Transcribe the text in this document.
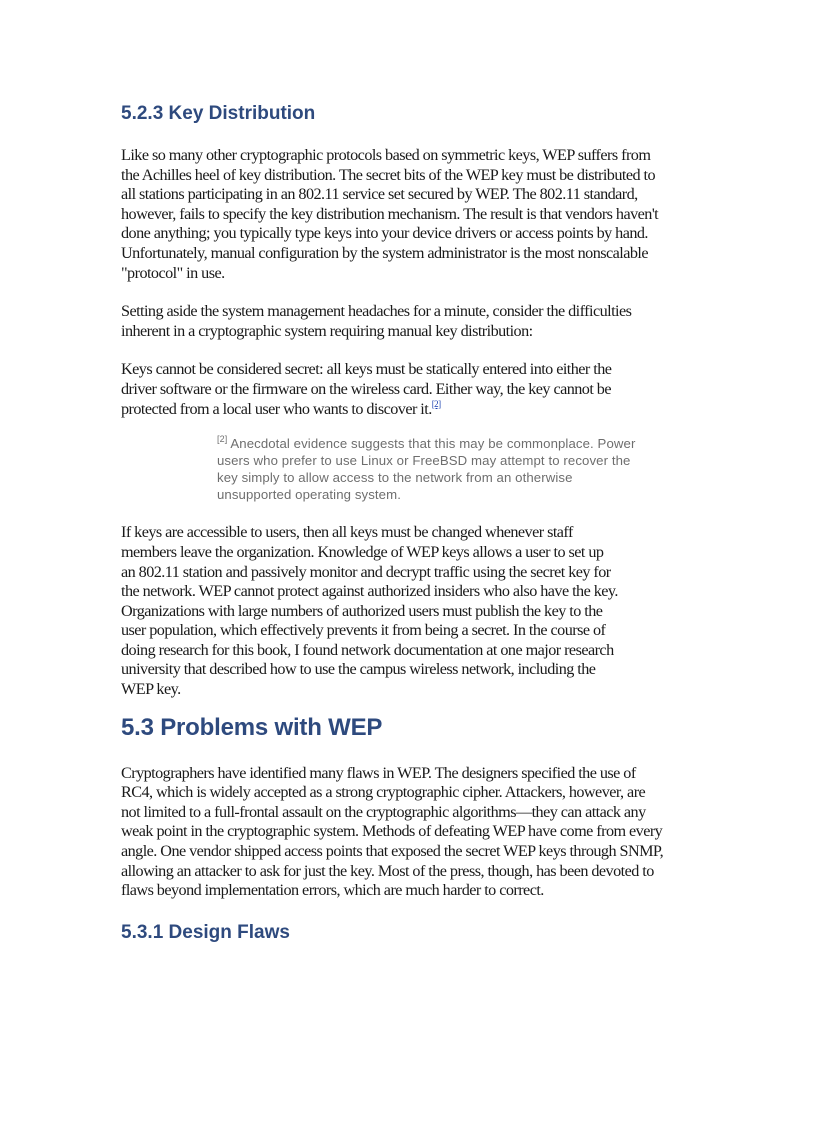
5.2.3 Key Distribution

Like so many other cryptographic protocols based on symmetric keys, WEP suffers from the Achilles heel of key distribution. The secret bits of the WEP key must be distributed to all stations participating in an 802.11 service set secured by WEP. The 802.11 standard, however, fails to specify the key distribution mechanism. The result is that vendors haven't done anything; you typically type keys into your device drivers or access points by hand. Unfortunately, manual configuration by the system administrator is the most nonscalable "protocol" in use.

Setting aside the system management headaches for a minute, consider the difficulties inherent in a cryptographic system requiring manual key distribution:

Keys cannot be considered secret: all keys must be statically entered into either the driver software or the firmware on the wireless card. Either way, the key cannot be protected from a local user who wants to discover it.[2]

[2] Anecdotal evidence suggests that this may be commonplace. Power users who prefer to use Linux or FreeBSD may attempt to recover the key simply to allow access to the network from an otherwise unsupported operating system.

If keys are accessible to users, then all keys must be changed whenever staff members leave the organization. Knowledge of WEP keys allows a user to set up an 802.11 station and passively monitor and decrypt traffic using the secret key for the network. WEP cannot protect against authorized insiders who also have the key.

Organizations with large numbers of authorized users must publish the key to the user population, which effectively prevents it from being a secret. In the course of doing research for this book, I found network documentation at one major research university that described how to use the campus wireless network, including the WEP key.

5.3 Problems with WEP

Cryptographers have identified many flaws in WEP. The designers specified the use of RC4, which is widely accepted as a strong cryptographic cipher. Attackers, however, are not limited to a full-frontal assault on the cryptographic algorithms—they can attack any weak point in the cryptographic system. Methods of defeating WEP have come from every angle. One vendor shipped access points that exposed the secret WEP keys through SNMP, allowing an attacker to ask for just the key. Most of the press, though, has been devoted to flaws beyond implementation errors, which are much harder to correct.

5.3.1 Design Flaws
